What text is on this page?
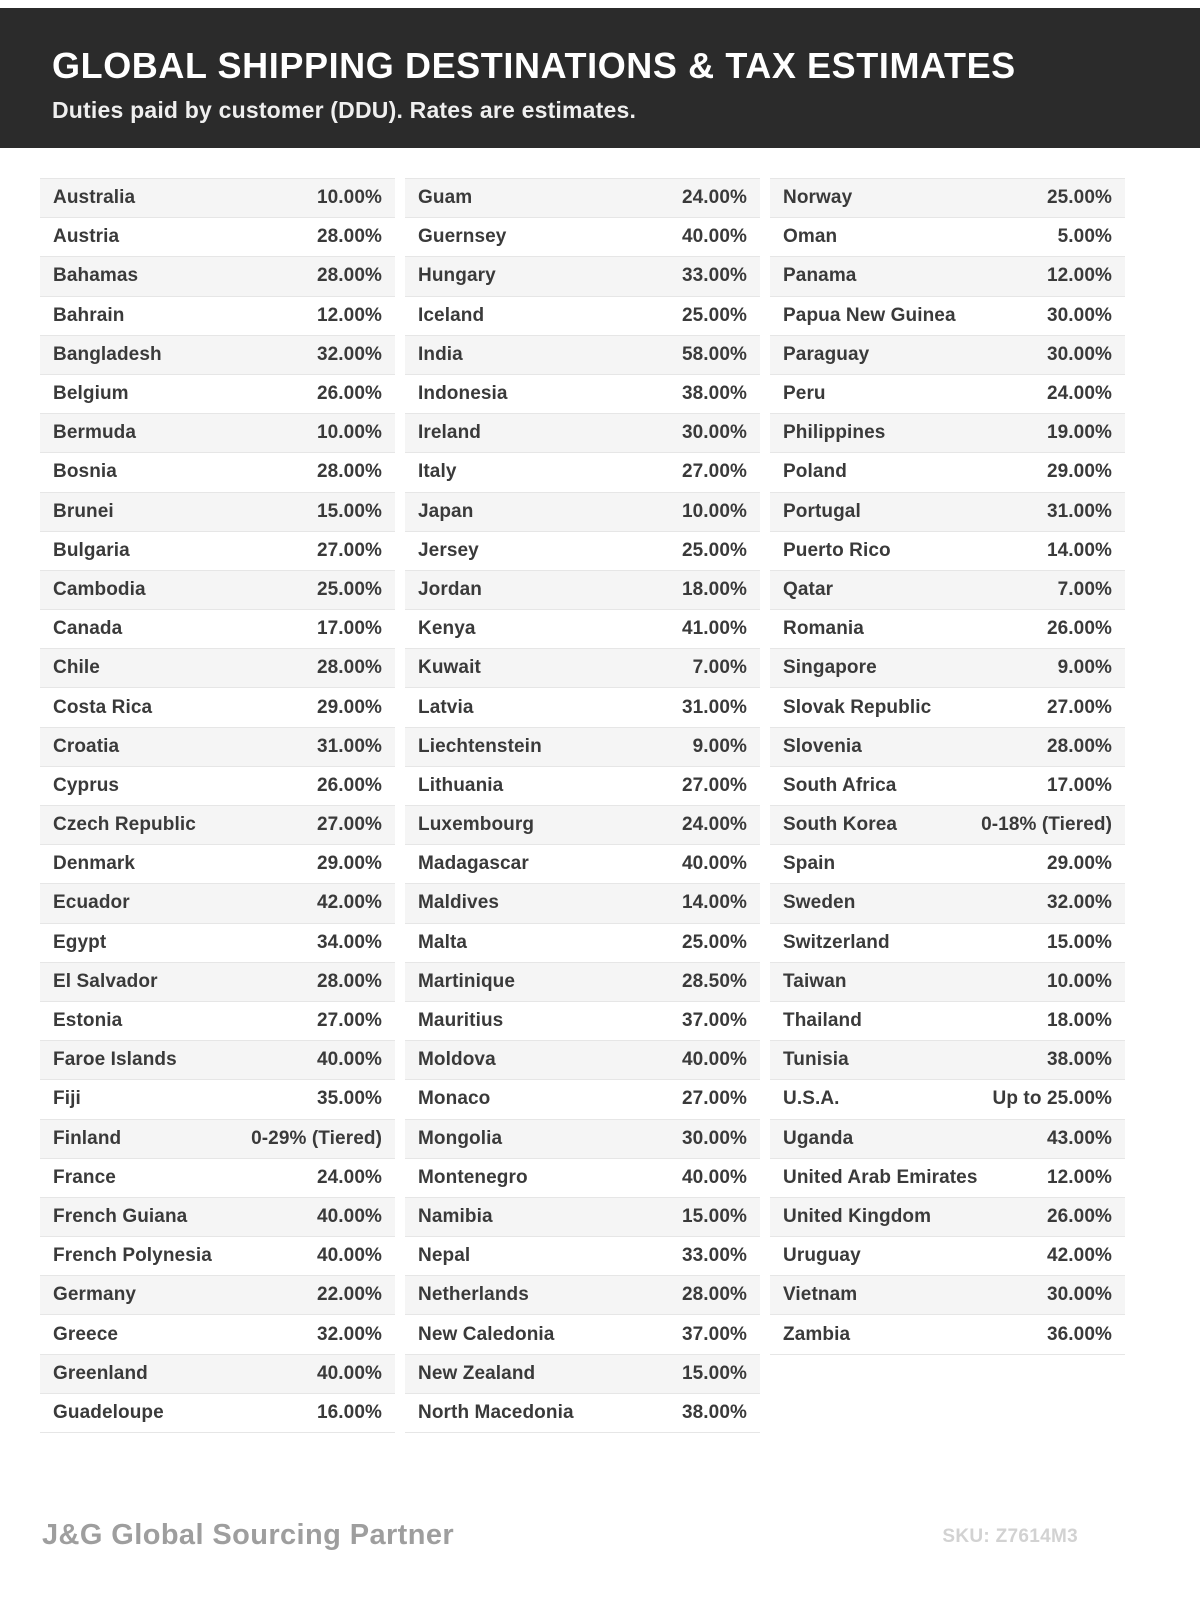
GLOBAL SHIPPING DESTINATIONS & TAX ESTIMATES

Duties paid by customer (DDU). Rates are estimates.

Australia	10.00%
Austria	28.00%
Bahamas	28.00%
Bahrain	12.00%
Bangladesh	32.00%
Belgium	26.00%
Bermuda	10.00%
Bosnia	28.00%
Brunei	15.00%
Bulgaria	27.00%
Cambodia	25.00%
Canada	17.00%
Chile	28.00%
Costa Rica	29.00%
Croatia	31.00%
Cyprus	26.00%
Czech Republic	27.00%
Denmark	29.00%
Ecuador	42.00%
Egypt	34.00%
El Salvador	28.00%
Estonia	27.00%
Faroe Islands	40.00%
Fiji	35.00%
Finland	0-29% (Tiered)
France	24.00%
French Guiana	40.00%
French Polynesia	40.00%
Germany	22.00%
Greece	32.00%
Greenland	40.00%
Guadeloupe	16.00%
Guam	24.00%
Guernsey	40.00%
Hungary	33.00%
Iceland	25.00%
India	58.00%
Indonesia	38.00%
Ireland	30.00%
Italy	27.00%
Japan	10.00%
Jersey	25.00%
Jordan	18.00%
Kenya	41.00%
Kuwait	7.00%
Latvia	31.00%
Liechtenstein	9.00%
Lithuania	27.00%
Luxembourg	24.00%
Madagascar	40.00%
Maldives	14.00%
Malta	25.00%
Martinique	28.50%
Mauritius	37.00%
Moldova	40.00%
Monaco	27.00%
Mongolia	30.00%
Montenegro	40.00%
Namibia	15.00%
Nepal	33.00%
Netherlands	28.00%
New Caledonia	37.00%
New Zealand	15.00%
North Macedonia	38.00%
Norway	25.00%
Oman	5.00%
Panama	12.00%
Papua New Guinea	30.00%
Paraguay	30.00%
Peru	24.00%
Philippines	19.00%
Poland	29.00%
Portugal	31.00%
Puerto Rico	14.00%
Qatar	7.00%
Romania	26.00%
Singapore	9.00%
Slovak Republic	27.00%
Slovenia	28.00%
South Africa	17.00%
South Korea	0-18% (Tiered)
Spain	29.00%
Sweden	32.00%
Switzerland	15.00%
Taiwan	10.00%
Thailand	18.00%
Tunisia	38.00%
U.S.A.	Up to 25.00%
Uganda	43.00%
United Arab Emirates	12.00%
United Kingdom	26.00%
Uruguay	42.00%
Vietnam	30.00%
Zambia	36.00%
J&G Global Sourcing Partner	SKU: Z7614M3
